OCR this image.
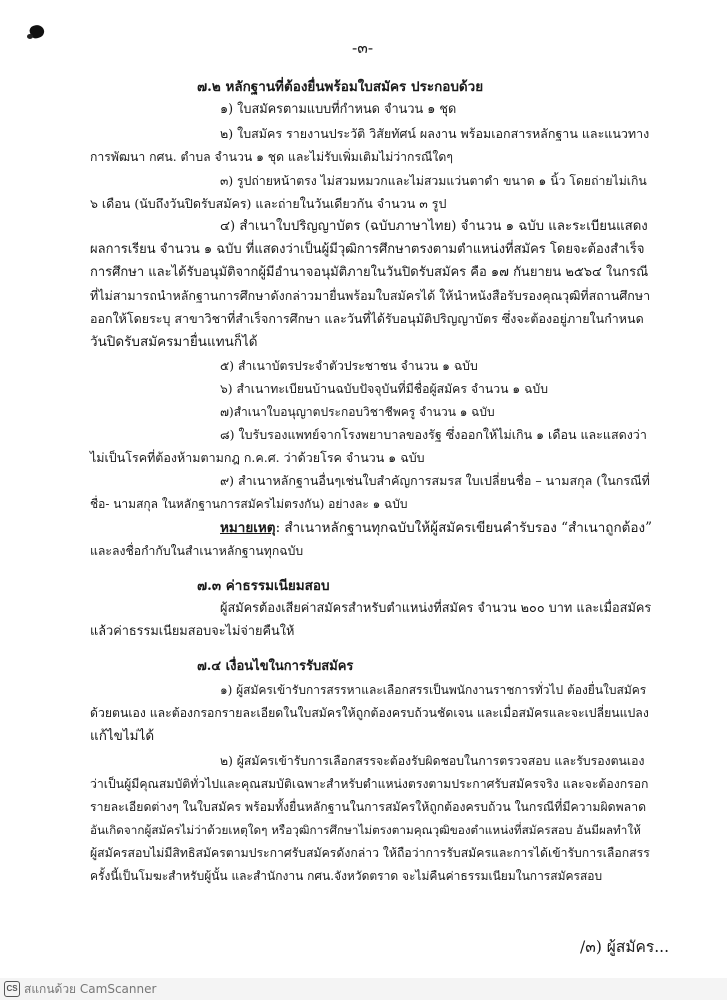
-๓-
๗.๒ หลักฐานที่ต้องยื่นพร้อมใบสมัคร ประกอบด้วย
๑) ใบสมัครตามแบบที่กำหนด จำนวน ๑ ชุด
๒) ใบสมัคร รายงานประวัติ วิสัยทัศน์ ผลงาน พร้อมเอกสารหลักฐาน และแนวทาง
การพัฒนา กศน. ตำบล จำนวน ๑ ชุด และไม่รับเพิ่มเติมไม่ว่ากรณีใดๆ
๓) รูปถ่ายหน้าตรง ไม่สวมหมวกและไม่สวมแว่นตาดำ ขนาด ๑ นิ้ว โดยถ่ายไม่เกิน
๖ เดือน (นับถึงวันปิดรับสมัคร) และถ่ายในวันเดียวกัน จำนวน ๓ รูป
๔) สำเนาใบปริญญาบัตร (ฉบับภาษาไทย) จำนวน ๑ ฉบับ และระเบียนแสดง
ผลการเรียน จำนวน ๑ ฉบับ ที่แสดงว่าเป็นผู้มีวุฒิการศึกษาตรงตามตำแหน่งที่สมัคร โดยจะต้องสำเร็จ
การศึกษา และได้รับอนุมัติจากผู้มีอำนาจอนุมัติภายในวันปิดรับสมัคร คือ ๑๗ กันยายน ๒๕๖๔ ในกรณี
ที่ไม่สามารถนำหลักฐานการศึกษาดังกล่าวมายื่นพร้อมใบสมัครได้ ให้นำหนังสือรับรองคุณวุฒิที่สถานศึกษา
ออกให้โดยระบุ สาขาวิชาที่สำเร็จการศึกษา และวันที่ได้รับอนุมัติปริญญาบัตร ซึ่งจะต้องอยู่ภายในกำหนด
วันปิดรับสมัครมายื่นแทนก็ได้
๕) สำเนาบัตรประจำตัวประชาชน จำนวน ๑ ฉบับ
๖) สำเนาทะเบียนบ้านฉบับปัจจุบันที่มีชื่อผู้สมัคร จำนวน ๑ ฉบับ
๗)สำเนาใบอนุญาตประกอบวิชาชีพครู จำนวน ๑ ฉบับ
๘) ใบรับรองแพทย์จากโรงพยาบาลของรัฐ ซึ่งออกให้ไม่เกิน ๑ เดือน และแสดงว่า
ไม่เป็นโรคที่ต้องห้ามตามกฎ ก.ค.ศ. ว่าด้วยโรค จำนวน ๑ ฉบับ
๙) สำเนาหลักฐานอื่นๆเช่นใบสำคัญการสมรส ใบเปลี่ยนชื่อ – นามสกุล (ในกรณีที่
ชื่อ- นามสกุล ในหลักฐานการสมัครไม่ตรงกัน) อย่างละ ๑ ฉบับ
หมายเหตุ: สำเนาหลักฐานทุกฉบับให้ผู้สมัครเขียนคำรับรอง “สำเนาถูกต้อง”
และลงชื่อกำกับในสำเนาหลักฐานทุกฉบับ
๗.๓ ค่าธรรมเนียมสอบ
ผู้สมัครต้องเสียค่าสมัครสำหรับตำแหน่งที่สมัคร จำนวน ๒๐๐ บาท และเมื่อสมัคร
แล้วค่าธรรมเนียมสอบจะไม่จ่ายคืนให้
๗.๔ เงื่อนไขในการรับสมัคร
๑) ผู้สมัครเข้ารับการสรรหาและเลือกสรรเป็นพนักงานราชการทั่วไป ต้องยื่นใบสมัคร
ด้วยตนเอง และต้องกรอกรายละเอียดในใบสมัครให้ถูกต้องครบถ้วนชัดเจน และเมื่อสมัครและจะเปลี่ยนแปลง
แก้ไขไม่ได้
๒) ผู้สมัครเข้ารับการเลือกสรรจะต้องรับผิดชอบในการตรวจสอบ และรับรองตนเอง
ว่าเป็นผู้มีคุณสมบัติทั่วไปและคุณสมบัติเฉพาะสำหรับตำแหน่งตรงตามประกาศรับสมัครจริง และจะต้องกรอก
รายละเอียดต่างๆ ในใบสมัคร พร้อมทั้งยื่นหลักฐานในการสมัครให้ถูกต้องครบถ้วน ในกรณีที่มีความผิดพลาด
อันเกิดจากผู้สมัครไม่ว่าด้วยเหตุใดๆ หรือวุฒิการศึกษาไม่ตรงตามคุณวุฒิของตำแหน่งที่สมัครสอบ อันมีผลทำให้
ผู้สมัครสอบไม่มีสิทธิสมัครตามประกาศรับสมัครดังกล่าว ให้ถือว่าการรับสมัครและการได้เข้ารับการเลือกสรร
ครั้งนี้เป็นโมฆะสำหรับผู้นั้น และสำนักงาน กศน.จังหวัดตราด จะไม่คืนค่าธรรมเนียมในการสมัครสอบ
/๓) ผู้สมัคร...
CS สแกนด้วย CamScanner
